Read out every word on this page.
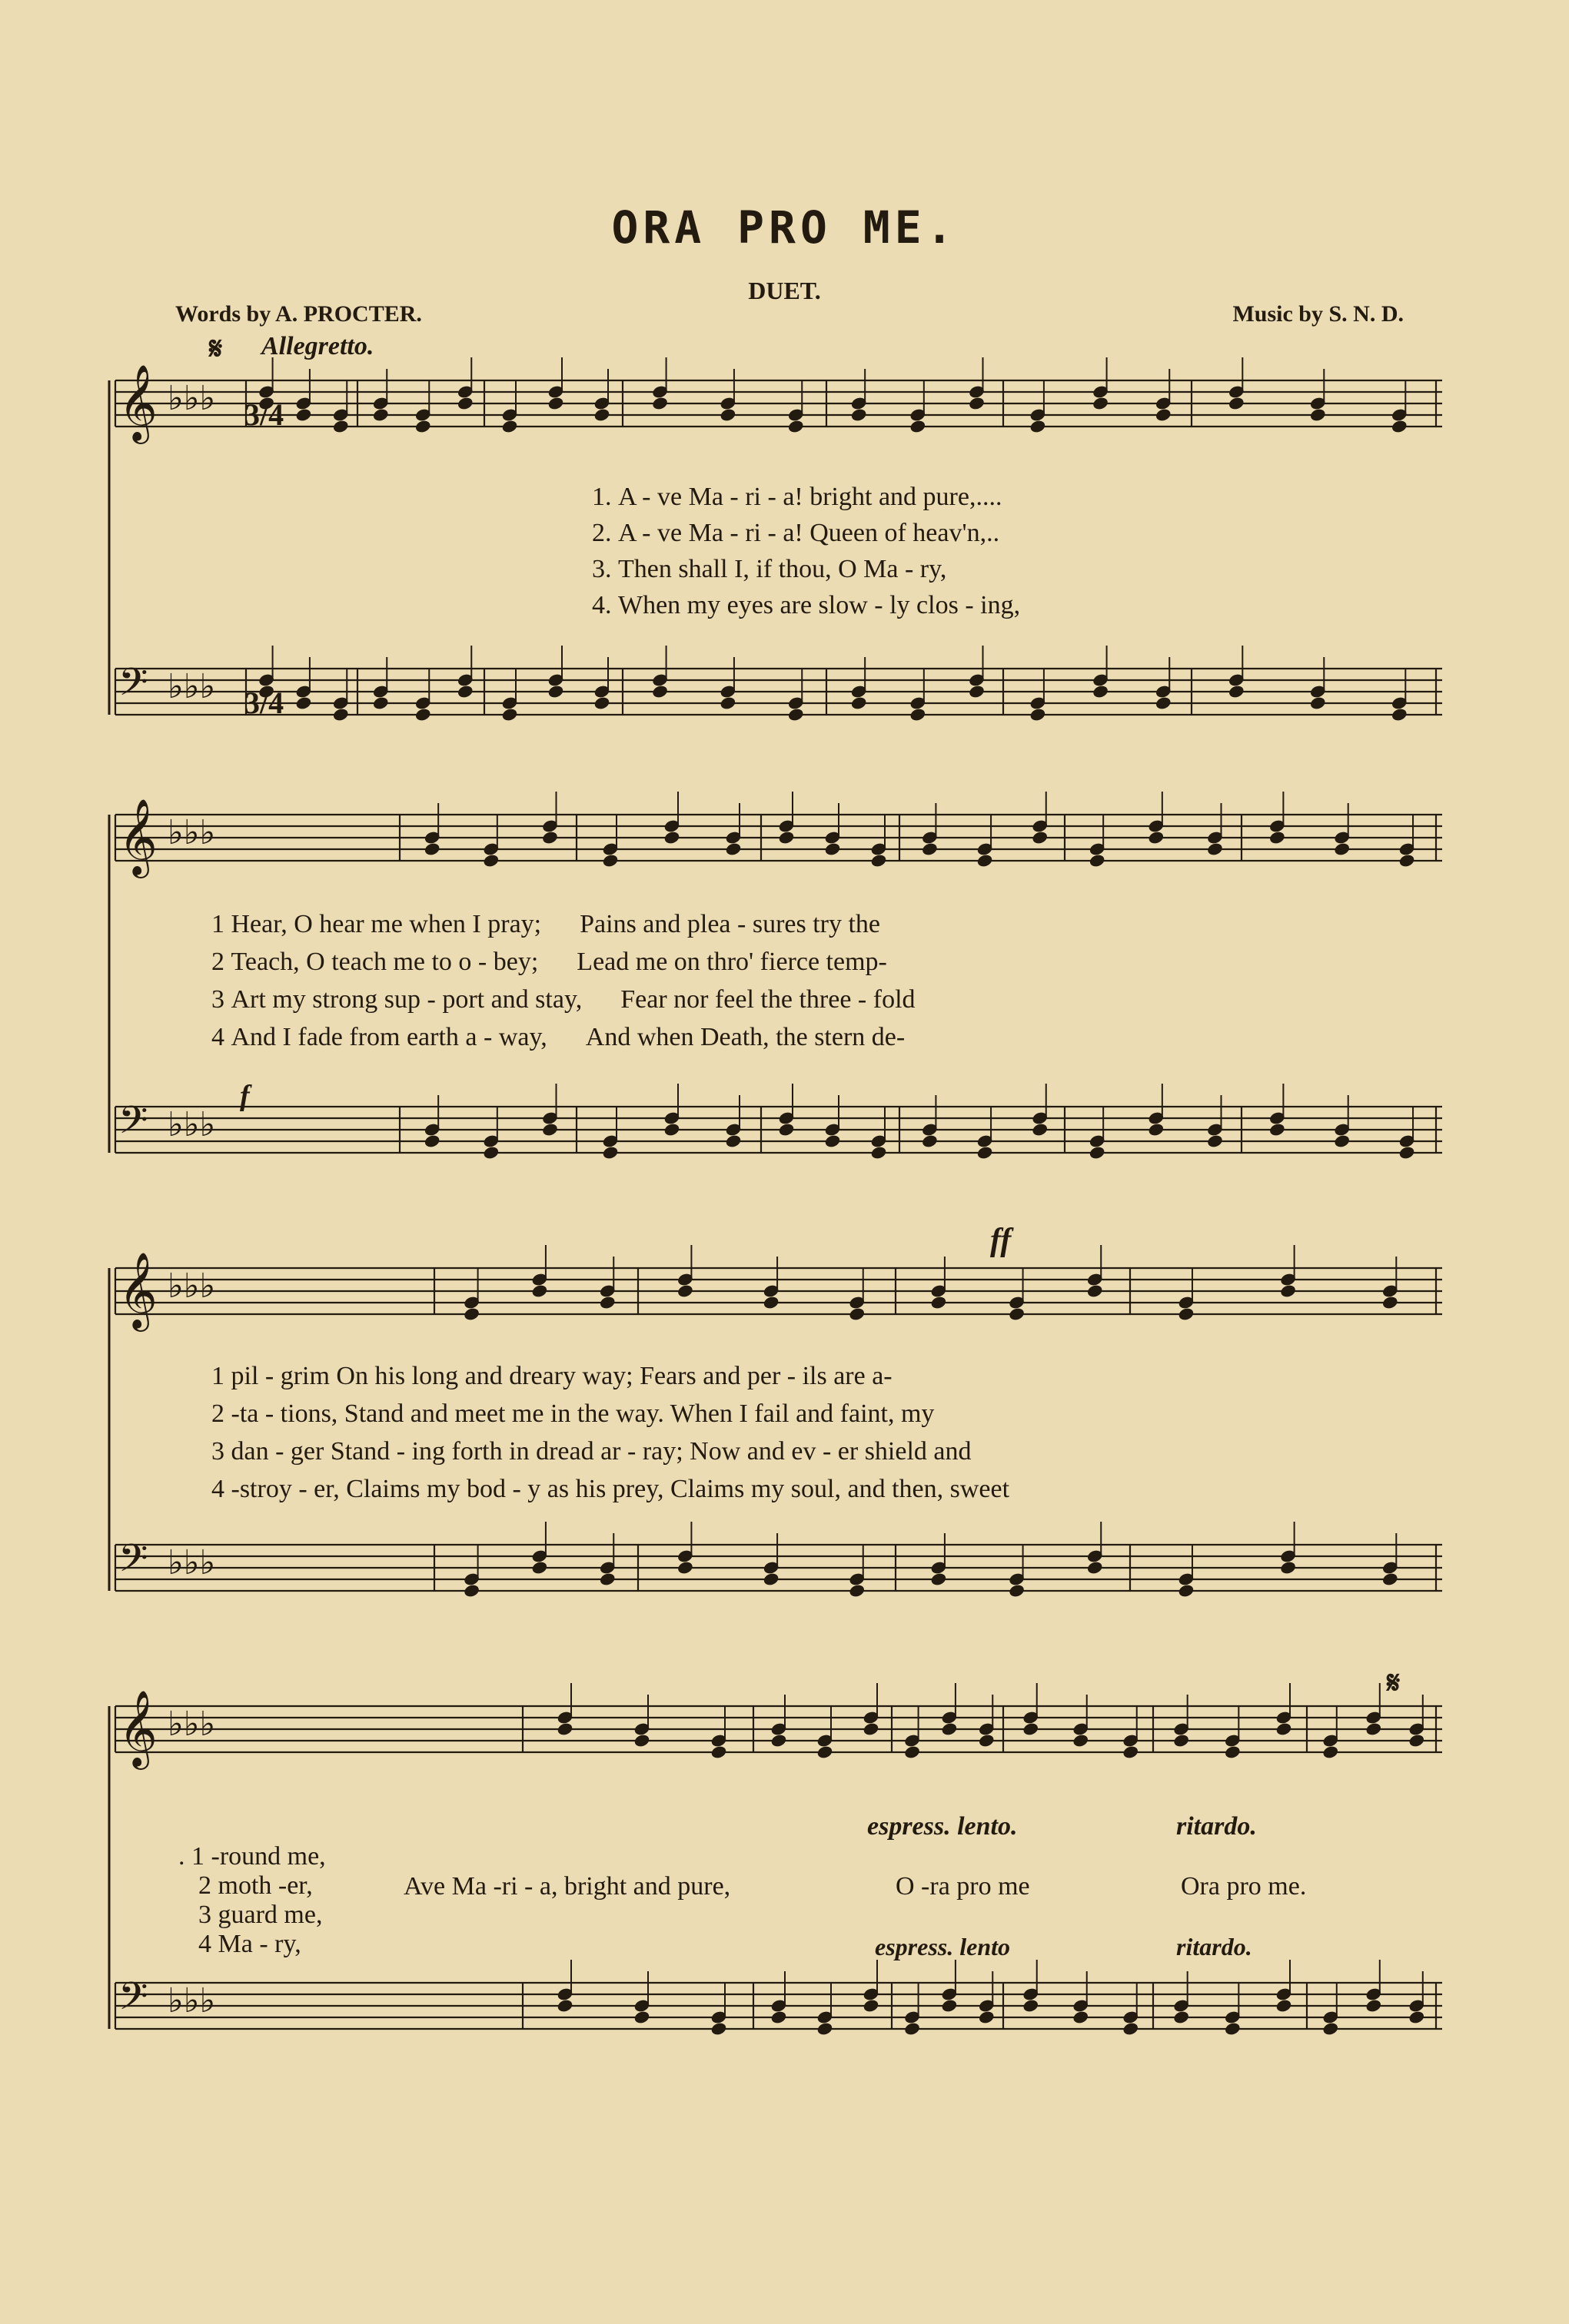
ORA PRO ME.
DUET.
Words by A. PROCTER.	Music by S. N. D.
Allegretto.
𝄋
𝄋
𝄞 ♭♭♭
𝄢 ♭♭♭
𝄞 ♭♭♭
𝄢 ♭♭♭
𝄞 ♭♭♭
𝄢 ♭♭♭
𝄞 ♭♭♭
𝄢 ♭♭♭
3/4
3/4
1. A - ve Ma - ri - a! bright and pure,....
2. A - ve Ma - ri - a! Queen of heav'n,..
3. Then shall I, if thou, O Ma - ry,
4. When my eyes are slow - ly clos - ing,
1 Hear, O hear me when I pray; Pains and plea - sures try the
2 Teach, O teach me to o - bey; Lead me on thro' fierce temp-
3 Art my strong sup - port and stay, Fear nor feel the three - fold
4 And I fade from earth a - way, And when Death, the stern de-
1 pil - grim On his long and dreary way; Fears and per - ils are a-
2 -ta - tions, Stand and meet me in the way. When I fail and faint, my
3 dan - ger Stand - ing forth in dread ar - ray; Now and ev - er shield and
4 -stroy - er, Claims my bod - y as his prey, Claims my soul, and then, sweet
. 1 -round me,
2 moth -er,
3 guard me,
4 Ma - ry,
Ave Ma -ri - a, bright and pure,	O -ra pro me	Ora pro me.
espress. lento.	ritardo.
espress. lento	ritardo.
f
ff
